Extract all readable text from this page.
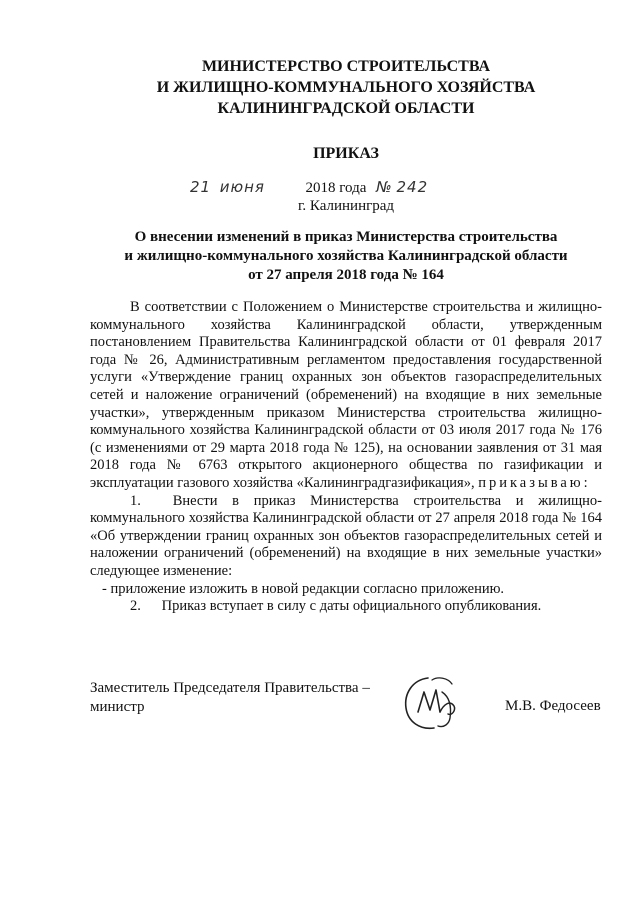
МИНИСТЕРСТВО СТРОИТЕЛЬСТВА
И ЖИЛИЩНО-КОММУНАЛЬНОГО ХОЗЯЙСТВА
КАЛИНИНГРАДСКОЙ ОБЛАСТИ
ПРИКАЗ
21 июня	2018 года № 242
г. Калининград
О внесении изменений в приказ Министерства строительства
и жилищно-коммунального хозяйства Калининградской области
от 27 апреля 2018 года № 164

В соответствии с Положением о Министерстве строительства и жилищно-коммунального хозяйства Калининградской области, утвержденным постановлением Правительства Калининградской области от 01 февраля 2017 года № 26, Административным регламентом предоставления государственной услуги «Утверждение границ охранных зон объектов газораспределительных сетей и наложение ограничений (обременений) на входящие в них земельные участки», утвержденным приказом Министерства строительства жилищно-коммунального хозяйства Калининградской области от 03 июля 2017 года № 176 (с изменениями от 29 марта 2018 года № 125), на основании заявления от 31 мая 2018 года № 6763 открытого акционерного общества по газификации и эксплуатации газового хозяйства «Калининградгазификация», приказываю:

1. Внести в приказ Министерства строительства и жилищно-коммунального хозяйства Калининградской области от 27 апреля 2018 года № 164 «Об утверждении границ охранных зон объектов газораспределительных сетей и наложении ограничений (обременений) на входящие в них земельные участки» следующее изменение:

- приложение изложить в новой редакции согласно приложению.

2. Приказ вступает в силу с даты официального опубликования.

Заместитель Председателя Правительства –
министр	М.В. Федосеев
